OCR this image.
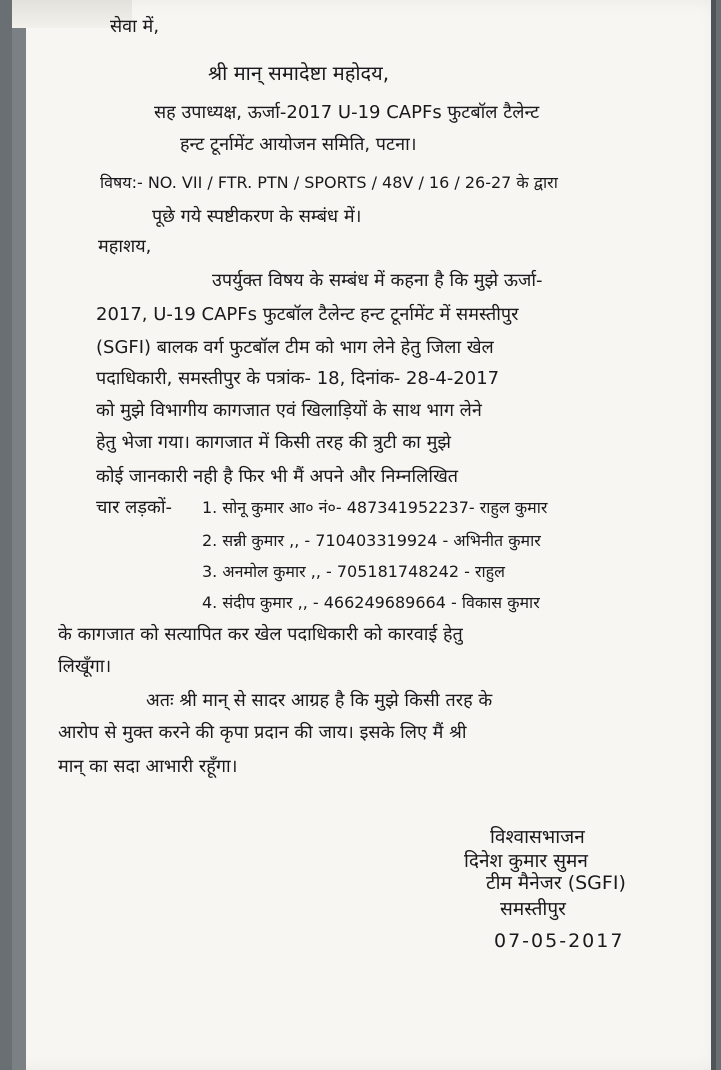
सेवा में,
श्री मान् समादेष्टा महोदय,
सह उपाध्यक्ष, ऊर्जा-2017 U-19 CAPFs फुटबॉल टैलेन्ट
हन्ट टूर्नामेंट आयोजन समिति, पटना।
विषय:- NO. VII / FTR. PTN / SPORTS / 48V / 16 / 26-27 के द्वारा
पूछे गये स्पष्टीकरण के सम्बंध में।
महाशय,
उपर्युक्त विषय के सम्बंध में कहना है कि मुझे ऊर्जा-
2017, U-19 CAPFs फुटबॉल टैलेन्ट हन्ट टूर्नामेंट में समस्तीपुर
(SGFI) बालक वर्ग फुटबॉल टीम को भाग लेने हेतु जिला खेल
पदाधिकारी, समस्तीपुर के पत्रांक- 18, दिनांक- 28-4-2017
को मुझे विभागीय कागजात एवं खिलाड़ियों के साथ भाग लेने
हेतु भेजा गया। कागजात में किसी तरह की त्रुटी का मुझे
कोई जानकारी नही है फिर भी मैं अपने और निम्नलिखित
चार लड़कों- 1. सोनू कुमार आ० नं०- 487341952237- राहुल कुमार
2. सन्नी कुमार ,, - 710403319924 - अभिनीत कुमार
3. अनमोल कुमार ,, - 705181748242 - राहुल
4. संदीप कुमार ,, - 466249689664 - विकास कुमार
के कागजात को सत्यापित कर खेल पदाधिकारी को कारवाई हेतु
लिखूँगा।
अतः श्री मान् से सादर आग्रह है कि मुझे किसी तरह के
आरोप से मुक्त करने की कृपा प्रदान की जाय। इसके लिए मैं श्री
मान् का सदा आभारी रहूँगा।
विश्वासभाजन
दिनेश कुमार सुमन
टीम मैनेजर (SGFI)
समस्तीपुर
07-05-2017
